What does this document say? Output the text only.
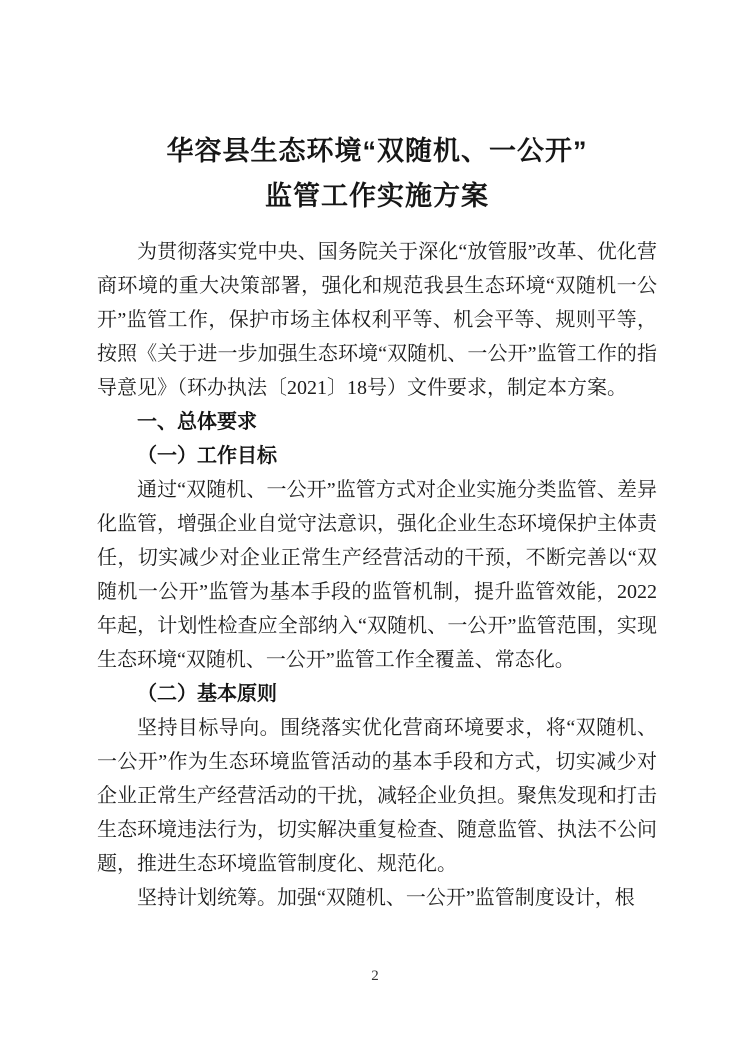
华容县生态环境“双随机、一公开”
监管工作实施方案

为贯彻落实党中央、国务院关于深化“放管服”改革、优化营商环境的重大决策部署，强化和规范我县生态环境“双随机一公开”监管工作，保护市场主体权利平等、机会平等、规则平等，按照《关于进一步加强生态环境“双随机、一公开”监管工作的指导意见》（环办执法〔2021〕18号）文件要求，制定本方案。

一、总体要求
（一）工作目标

通过“双随机、一公开”监管方式对企业实施分类监管、差异化监管，增强企业自觉守法意识，强化企业生态环境保护主体责任，切实减少对企业正常生产经营活动的干预，不断完善以“双随机一公开”监管为基本手段的监管机制，提升监管效能，2022年起，计划性检查应全部纳入“双随机、一公开”监管范围，实现生态环境“双随机、一公开”监管工作全覆盖、常态化。

（二）基本原则

坚持目标导向。围绕落实优化营商环境要求，将“双随机、一公开”作为生态环境监管活动的基本手段和方式，切实减少对企业正常生产经营活动的干扰，减轻企业负担。聚焦发现和打击生态环境违法行为，切实解决重复检查、随意监管、执法不公问题，推进生态环境监管制度化、规范化。

坚持计划统筹。加强“双随机、一公开”监管制度设计，根

2
